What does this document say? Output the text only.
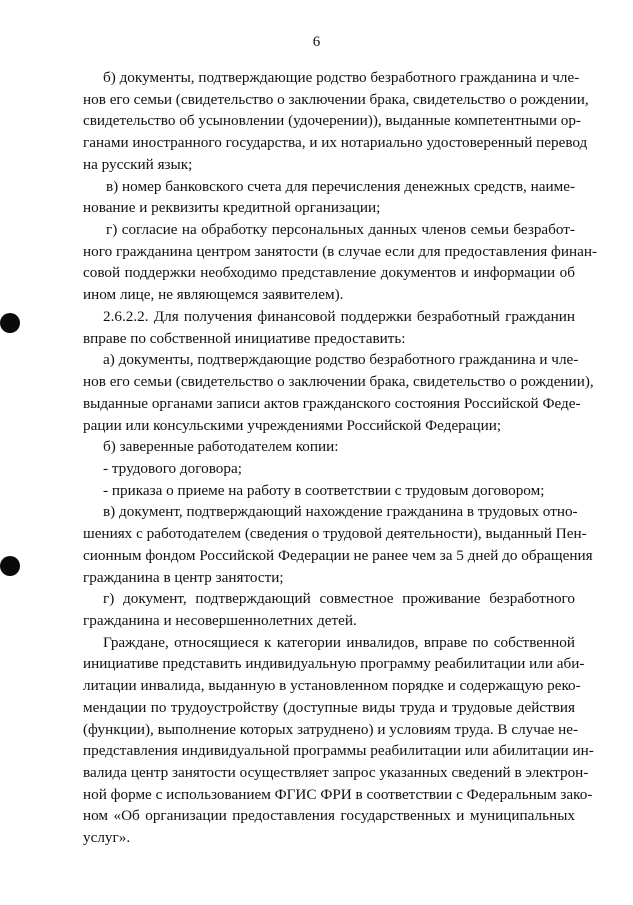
6
б) документы, подтверждающие родство безработного гражданина и чле-
нов его семьи (свидетельство о заключении брака, свидетельство о рождении,
свидетельство об усыновлении (удочерении)), выданные компетентными ор-
ганами иностранного государства, и их нотариально удостоверенный перевод
на русский язык;
в) номер банковского счета для перечисления денежных средств, наиме-
нование и реквизиты кредитной организации;
г) согласие на обработку персональных данных членов семьи безработ-
ного гражданина центром занятости (в случае если для предоставления финан-
совой поддержки необходимо представление документов и информации об
ином лице, не являющемся заявителем).
2.6.2.2. Для получения финансовой поддержки безработный гражданин
вправе по собственной инициативе предоставить:
а) документы, подтверждающие родство безработного гражданина и чле-
нов его семьи (свидетельство о заключении брака, свидетельство о рождении),
выданные органами записи актов гражданского состояния Российской Феде-
рации или консульскими учреждениями Российской Федерации;
б) заверенные работодателем копии:
- трудового договора;
- приказа о приеме на работу в соответствии с трудовым договором;
в) документ, подтверждающий нахождение гражданина в трудовых отно-
шениях с работодателем (сведения о трудовой деятельности), выданный Пен-
сионным фондом Российской Федерации не ранее чем за 5 дней до обращения
гражданина в центр занятости;
г) документ, подтверждающий совместное проживание безработного
гражданина и несовершеннолетних детей.
Граждане, относящиеся к категории инвалидов, вправе по собственной
инициативе представить индивидуальную программу реабилитации или аби-
литации инвалида, выданную в установленном порядке и содержащую реко-
мендации по трудоустройству (доступные виды труда и трудовые действия
(функции), выполнение которых затруднено) и условиям труда. В случае не-
представления индивидуальной программы реабилитации или абилитации ин-
валида центр занятости осуществляет запрос указанных сведений в электрон-
ной форме с использованием ФГИС ФРИ в соответствии с Федеральным зако-
ном «Об организации предоставления государственных и муниципальных
услуг».
